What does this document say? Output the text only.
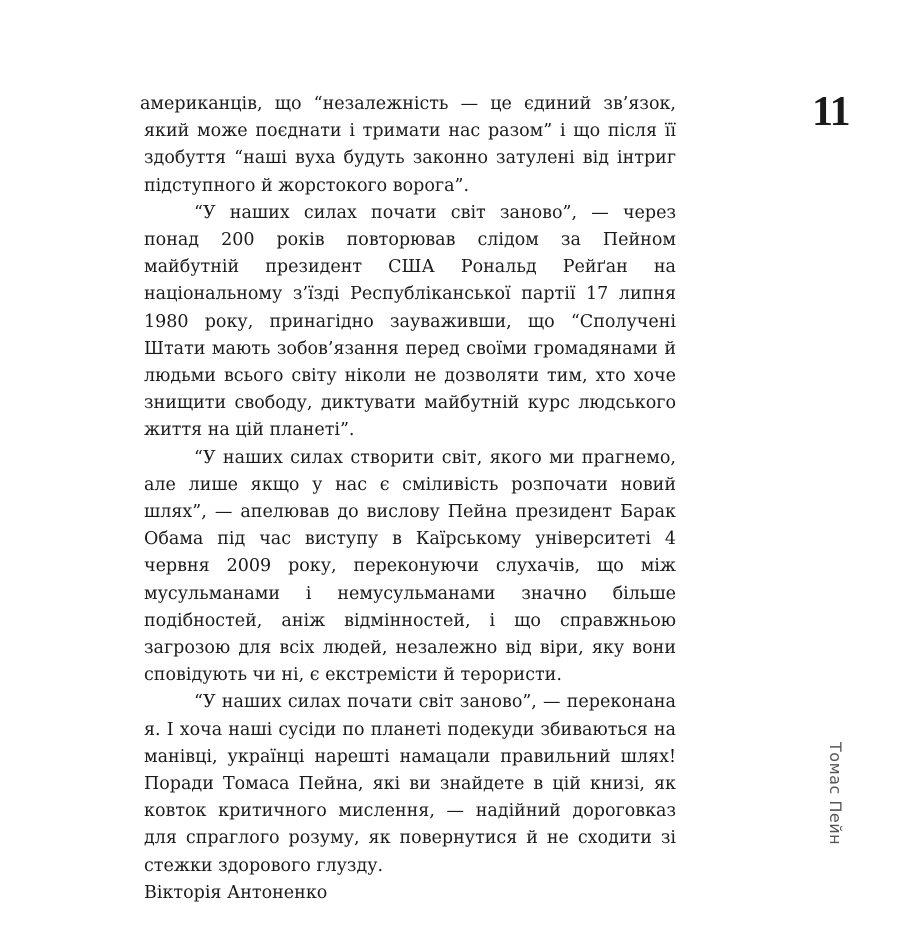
11
Томас Пейн

американців, що “незалежність — це єдиний зв’язок, який може поєднати і тримати нас разом” і що після її здобуття “наші вуха будуть законно затулені від інтриг підступного й жорстокого ворога”.

“У наших силах почати світ заново”, — через понад 200 років повторював слідом за Пейном майбутній президент США Рональд Рейґан на національному з’їзді Республіканської партії 17 липня 1980 року, принагідно зауваживши, що “Сполучені Штати мають зобов’язання перед своїми громадянами й людьми всього світу ніколи не дозволяти тим, хто хоче знищити свободу, диктувати майбутній курс людського життя на цій планеті”.

“У наших силах створити світ, якого ми прагнемо, але лише якщо у нас є сміливість розпочати новий шлях”, — апелював до вислову Пейна президент Барак Обама під час виступу в Каїрському університеті 4 червня 2009 року, переконуючи слухачів, що між мусульманами і немусульманами значно більше подібностей, аніж відмінностей, і що справжньою загрозою для всіх людей, незалежно від віри, яку вони сповідують чи ні, є екстремісти й терористи.

“У наших силах почати світ заново”, — переконана я. І хоча наші сусіди по планеті подекуди збиваються на манівці, українці нарешті намацали правильний шлях! Поради Томаса Пейна, які ви знайдете в цій книзі, як ковток критичного мислення, — надійний дороговказ для спраглого розуму, як повернутися й не сходити зі стежки здорового глузду.

Вікторія Антоненко
